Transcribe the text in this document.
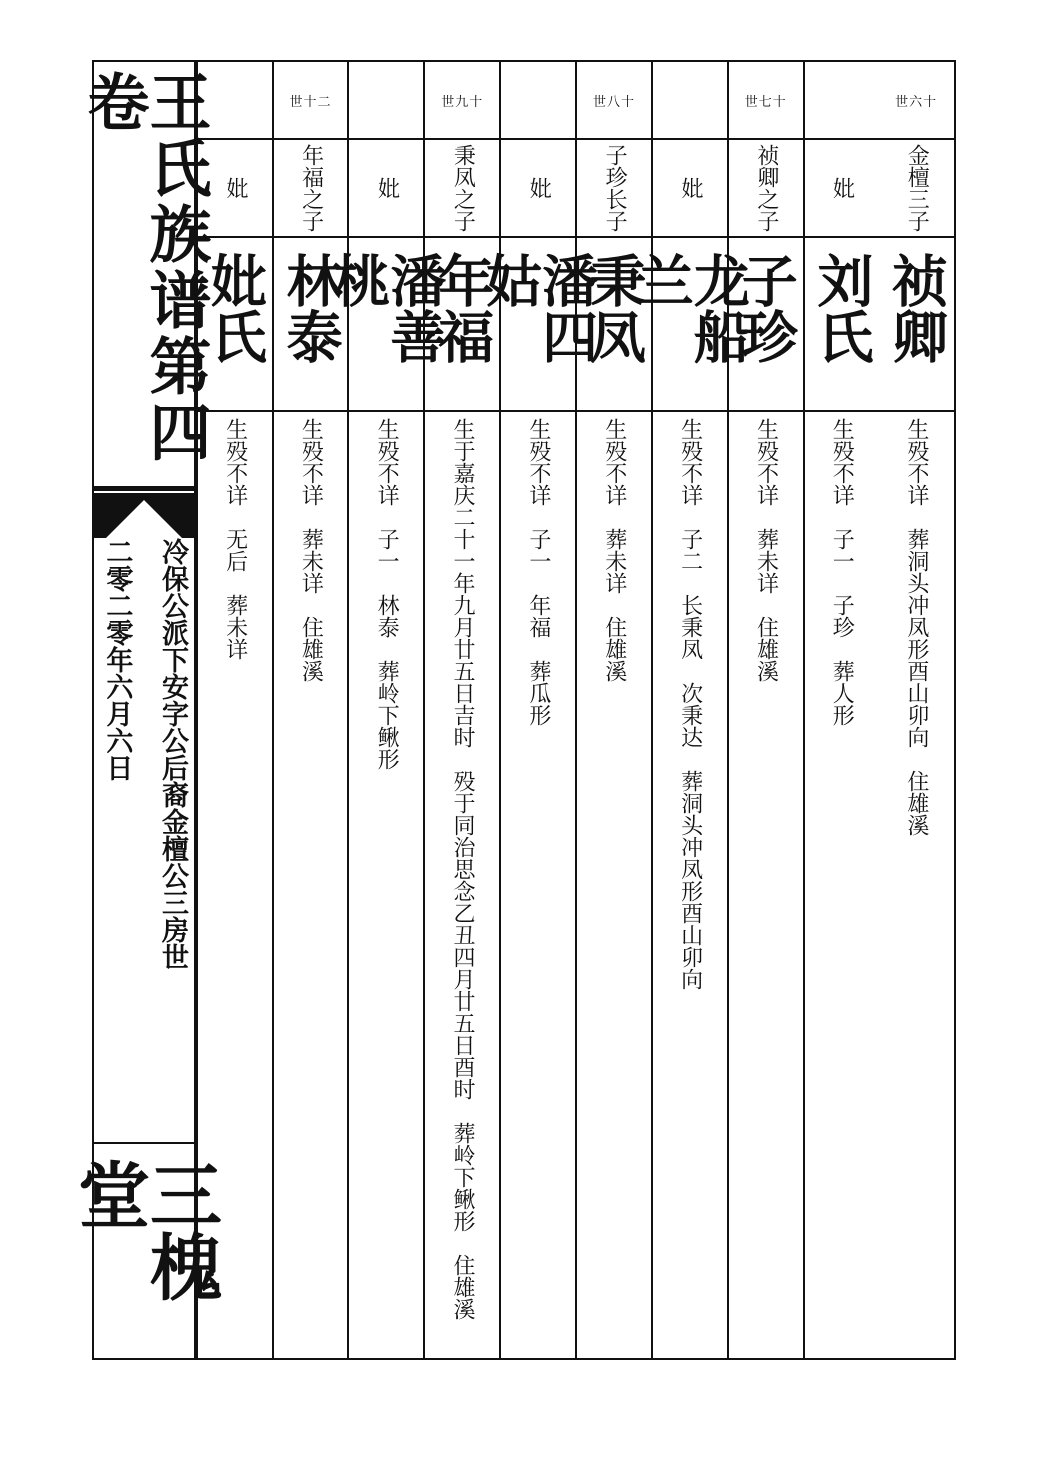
王氏族谱第四卷
冷保公派下安字公后裔金檀公三房世
二零二零年六月六日
三槐堂
世六十
金檀三子
祯卿
生殁不详　葬洞头冲凤形酉山卯向　住雄溪
妣
刘氏
生殁不详　子一　子珍　葬人形
世七十
祯卿之子
子珍
生殁不详　葬未详　住雄溪
妣
龙船兰
生殁不详　子二　长秉凤　次秉达　葬洞头冲凤形酉山卯向
世八十
子珍长子
秉凤
生殁不详　葬未详　住雄溪
妣
潘四姑
生殁不详　子一　年福　葬瓜形
世九十
秉凤之子
年福
生于嘉庆二十一年九月廿五日吉时　殁于同治思念乙丑四月廿五日酉时　葬岭下鳅形　住雄溪
妣
潘善桃
生殁不详　子一　林泰　葬岭下鳅形
世十二
年福之子
林泰
生殁不详　葬未详　住雄溪
妣
妣氏
生殁不详　无后　葬未详
